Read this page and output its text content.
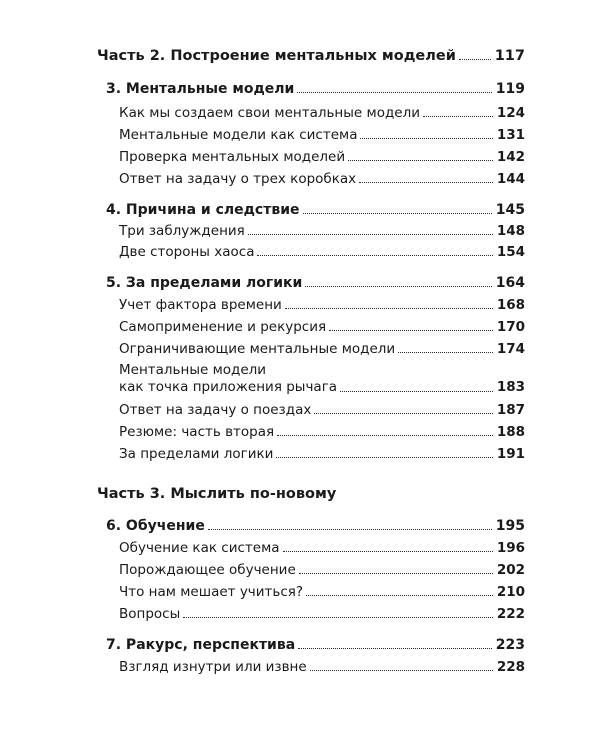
Часть 2. Построение ментальных моделей	117
3. Ментальные модели	119
Как мы создаем свои ментальные модели	124
Ментальные модели как система	131
Проверка ментальных моделей	142
Ответ на задачу о трех коробках	144
4. Причина и следствие	145
Три заблуждения	148
Две стороны хаоса	154
5. За пределами логики	164
Учет фактора времени	168
Самоприменение и рекурсия	170
Ограничивающие ментальные модели	174
Ментальные модели
как точка приложения рычага	183
Ответ на задачу о поездах	187
Резюме: часть вторая	188
За пределами логики	191
Часть 3. Мыслить по-новому
6. Обучение	195
Обучение как система	196
Порождающее обучение	202
Что нам мешает учиться?	210
Вопросы	222
7. Ракурс, перспектива	223
Взгляд изнутри или извне	228
